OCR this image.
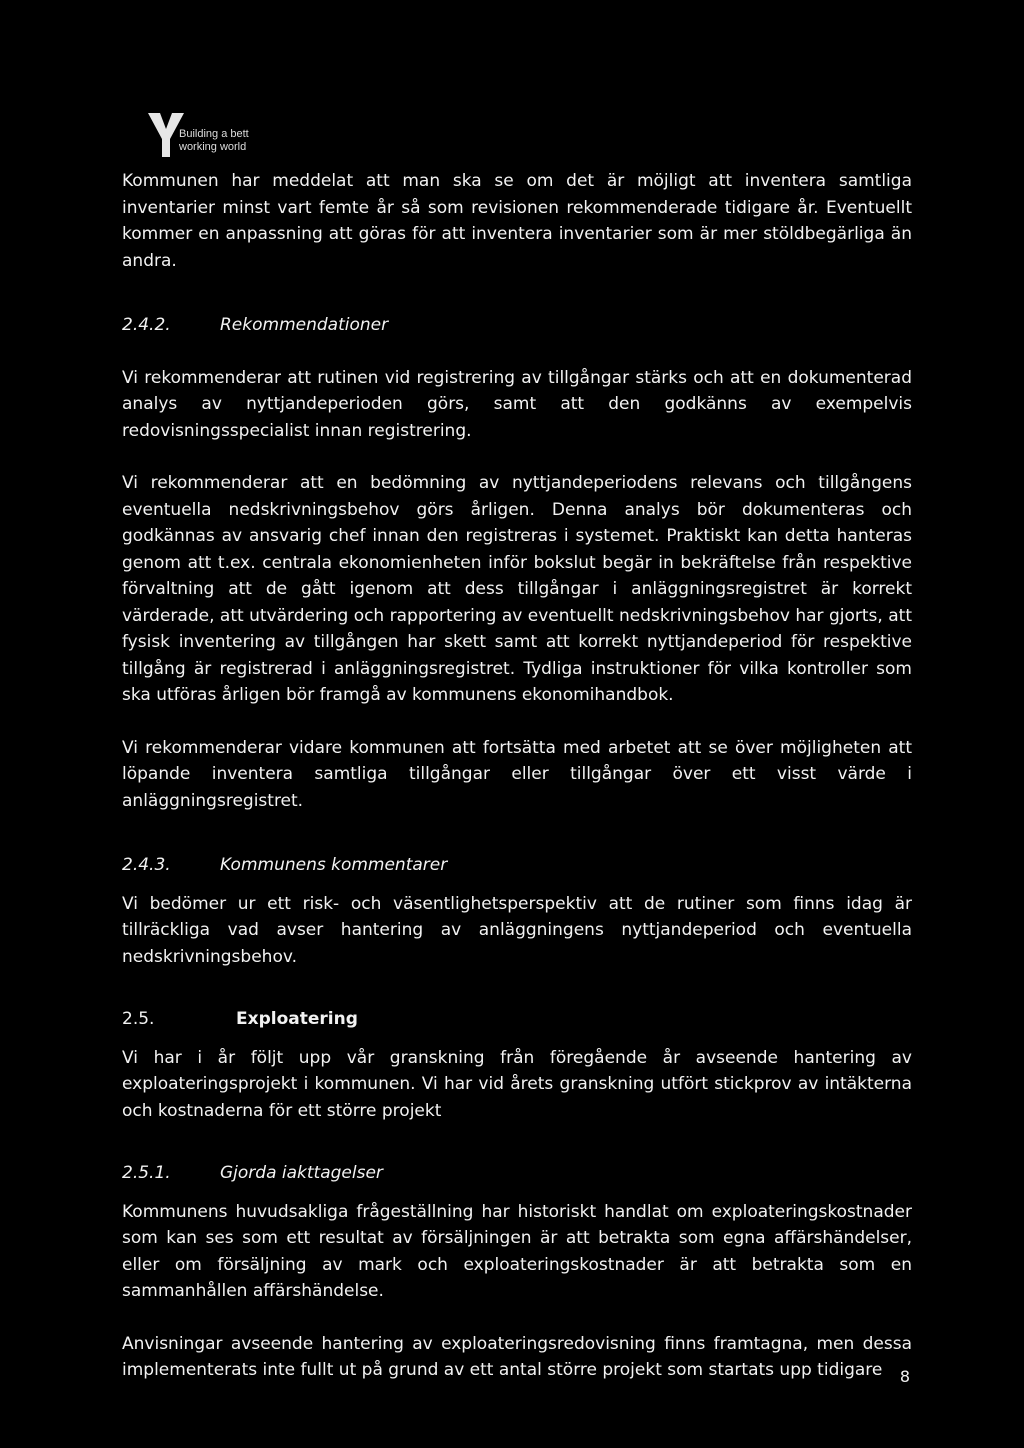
Building a bett
working world

Kommunen har meddelat att man ska se om det är möjligt att inventera samtliga inventarier minst vart femte år så som revisionen rekommenderade tidigare år. Eventuellt kommer en anpassning att göras för att inventera inventarier som är mer stöldbegärliga än andra.

2.4.2.	Rekommendationer

Vi rekommenderar att rutinen vid registrering av tillgångar stärks och att en dokumenterad analys av nyttjandeperioden görs, samt att den godkänns av exempelvis redovisningsspecialist innan registrering.

Vi rekommenderar att en bedömning av nyttjandeperiodens relevans och tillgångens eventuella nedskrivningsbehov görs årligen. Denna analys bör dokumenteras och godkännas av ansvarig chef innan den registreras i systemet. Praktiskt kan detta hanteras genom att t.ex. centrala ekonomienheten inför bokslut begär in bekräftelse från respektive förvaltning att de gått igenom att dess tillgångar i anläggningsregistret är korrekt värderade, att utvärdering och rapportering av eventuellt nedskrivningsbehov har gjorts, att fysisk inventering av tillgången har skett samt att korrekt nyttjandeperiod för respektive tillgång är registrerad i anläggningsregistret. Tydliga instruktioner för vilka kontroller som ska utföras årligen bör framgå av kommunens ekonomihandbok.

Vi rekommenderar vidare kommunen att fortsätta med arbetet att se över möjligheten att löpande inventera samtliga tillgångar eller tillgångar över ett visst värde i anläggningsregistret.

2.4.3.	Kommunens kommentarer

Vi bedömer ur ett risk- och väsentlighetsperspektiv att de rutiner som finns idag är tillräckliga vad avser hantering av anläggningens nyttjandeperiod och eventuella nedskrivningsbehov.

2.5.	Exploatering

Vi har i år följt upp vår granskning från föregående år avseende hantering av exploateringsprojekt i kommunen. Vi har vid årets granskning utfört stickprov av intäkterna och kostnaderna för ett större projekt

2.5.1.	Gjorda iakttagelser

Kommunens huvudsakliga frågeställning har historiskt handlat om exploateringskostnader som kan ses som ett resultat av försäljningen är att betrakta som egna affärshändelser, eller om försäljning av mark och exploateringskostnader är att betrakta som en sammanhållen affärshändelse.

Anvisningar avseende hantering av exploateringsredovisning finns framtagna, men dessa implementerats inte fullt ut på grund av ett antal större projekt som startats upp tidigare	8
